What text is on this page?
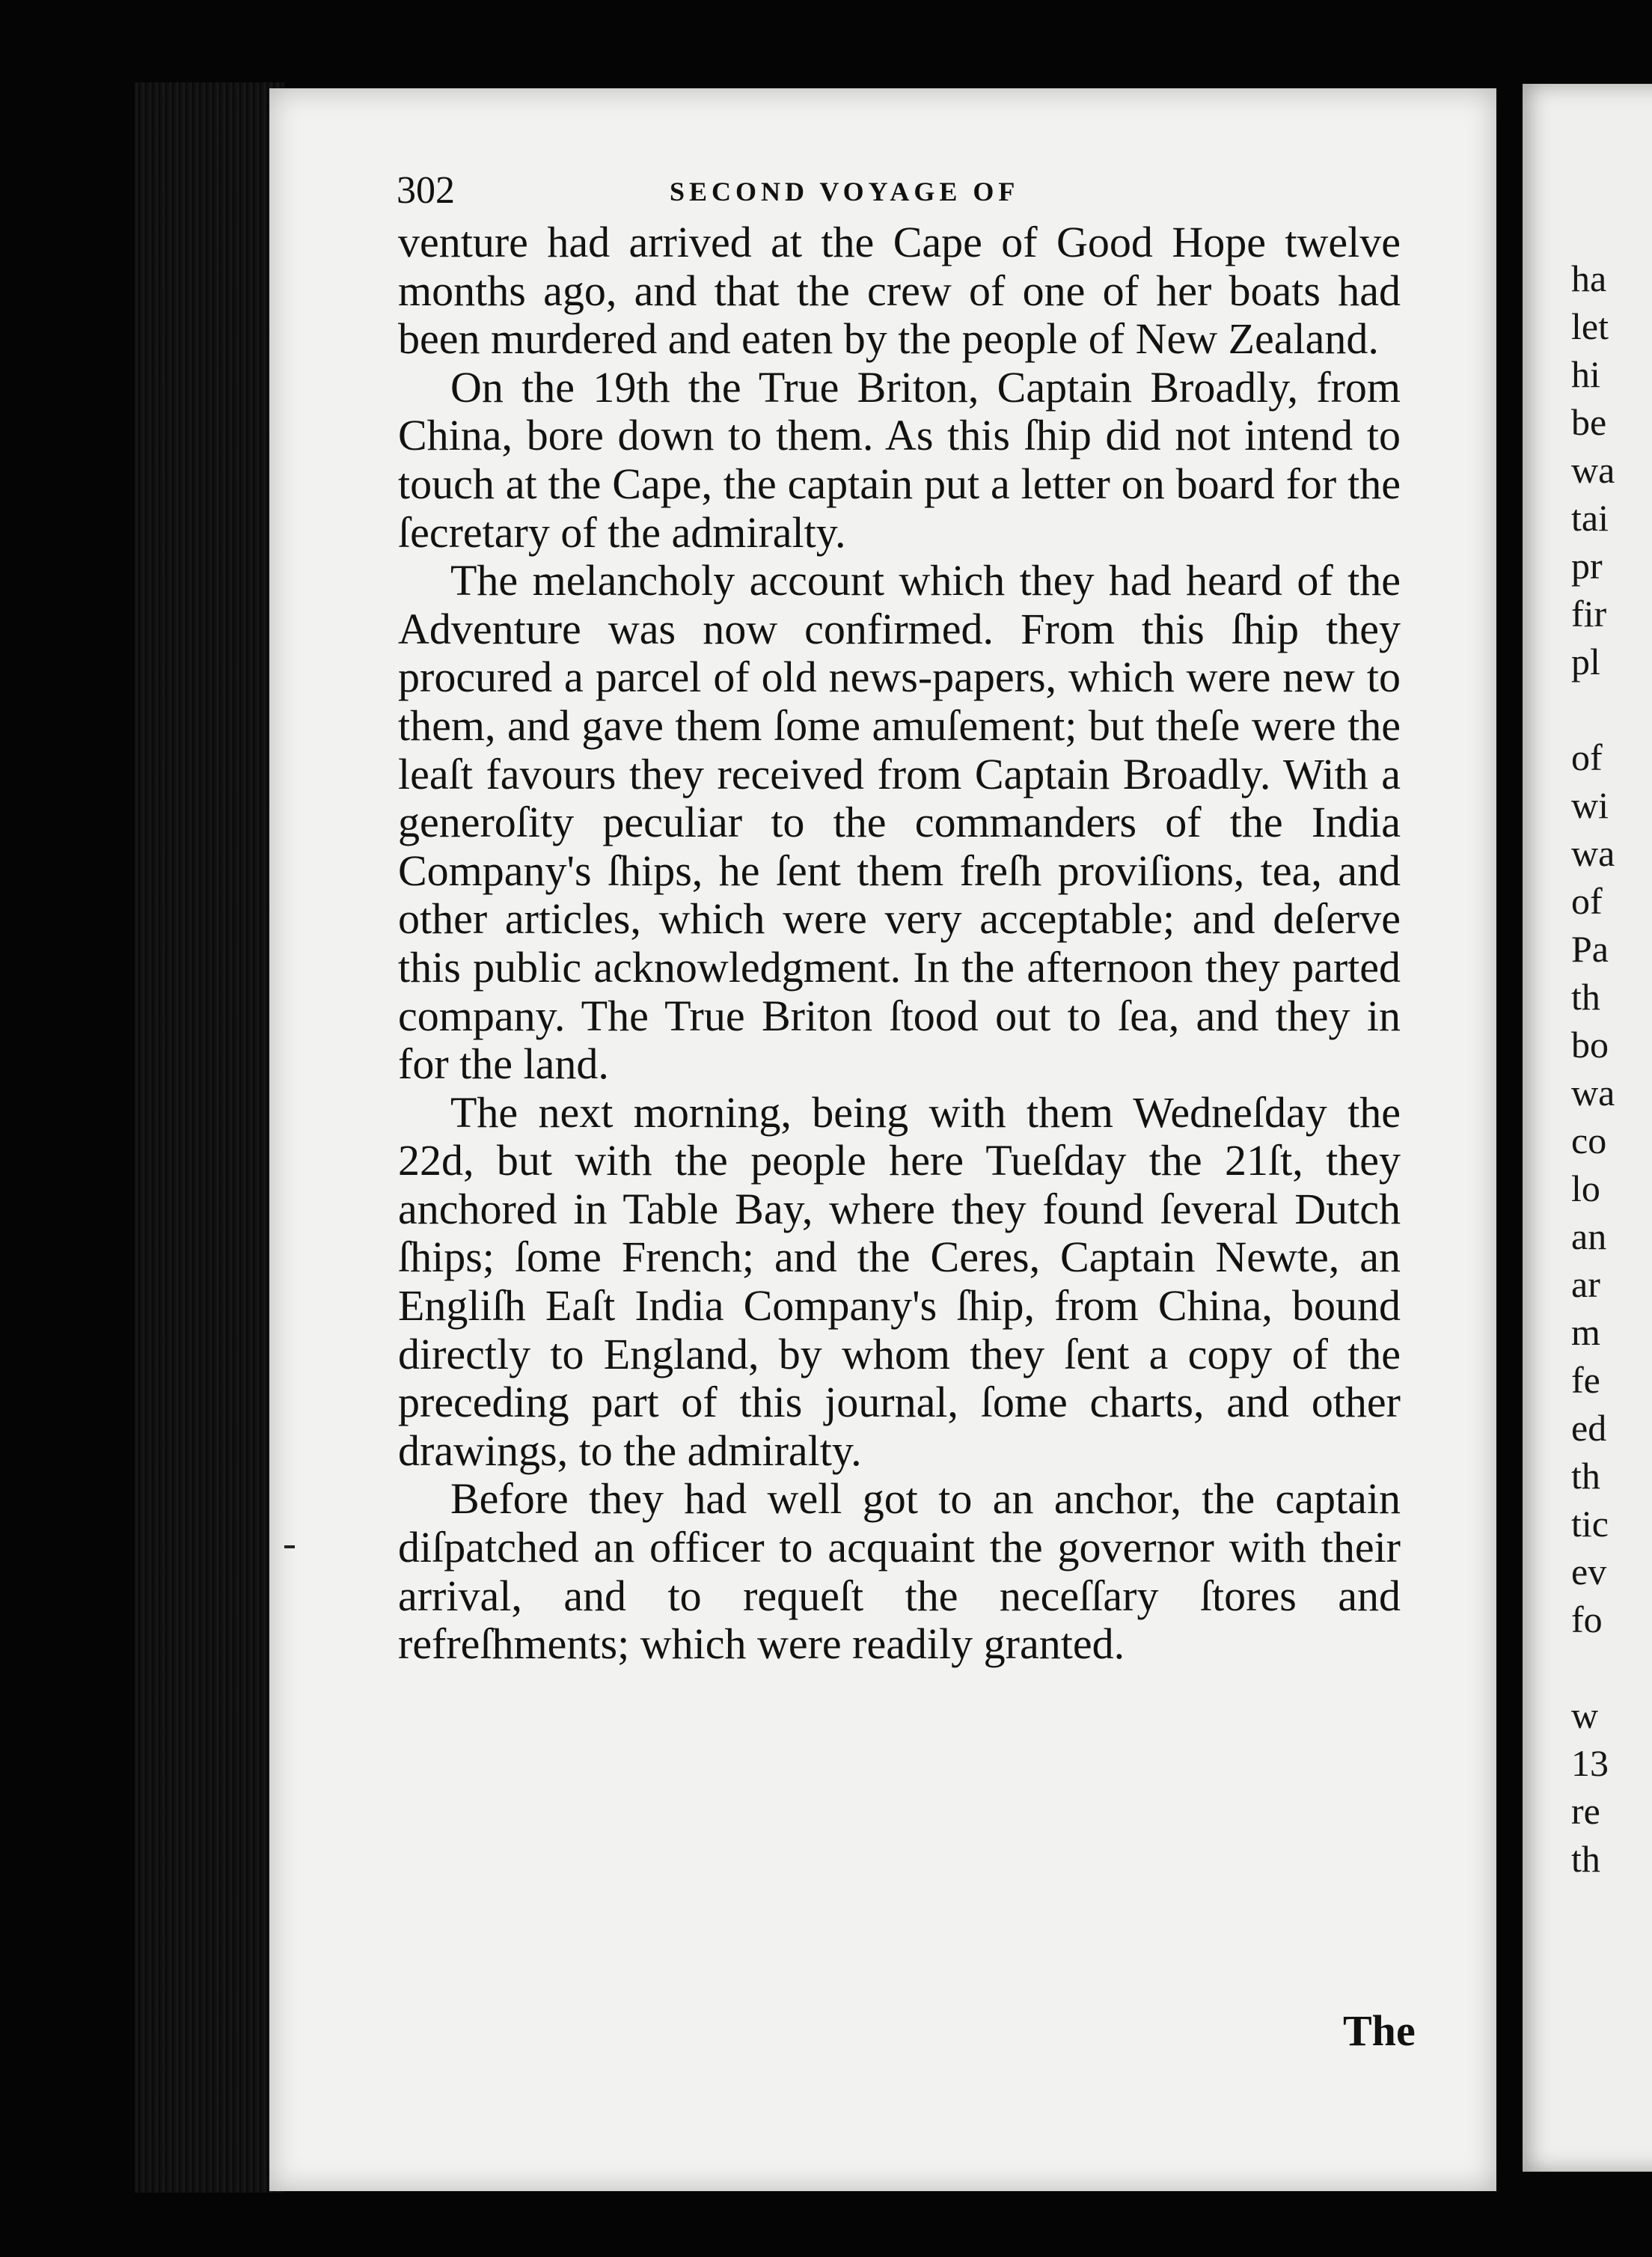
302	SECOND VOYAGE OF

venture had arrived at the Cape of Good Hope twelve months ago, and that the crew of one of her boats had been murdered and eaten by the people of New Zealand.

On the 19th the True Briton, Captain Broadly, from China, bore down to them. As this ſhip did not intend to touch at the Cape, the captain put a letter on board for the ſecretary of the admiralty.

The melancholy account which they had heard of the Adventure was now confirmed. From this ſhip they procured a parcel of old news-papers, which were new to them, and gave them ſome amuſement; but theſe were the leaſt favours they received from Captain Broadly. With a generoſity peculiar to the commanders of the India Company's ſhips, he ſent them freſh proviſions, tea, and other articles, which were very acceptable; and deſerve this public acknowledgment. In the afternoon they parted company. The True Briton ſtood out to ſea, and they in for the land.

The next morning, being with them Wedneſday the 22d, but with the people here Tueſday the 21ſt, they anchored in Table Bay, where they found ſeveral Dutch ſhips; ſome French; and the Ceres, Captain Newte, an Engliſh Eaſt India Company's ſhip, from China, bound directly to England, by whom they ſent a copy of the preceding part of this journal, ſome charts, and other drawings, to the admiralty.

Before they had well got to an anchor, the captain diſpatched an officer to acquaint the governor with their arrival, and to requeſt the neceſſary ſtores and refreſhments; which were readily granted.

The
ha
let
hi
be
wa
tai
pr
fir
pl
of
wi
wa
of
Pa
th
bo
wa
co
lo
an
ar
m
fe
ed
th
tic
ev
fo
w
13
re
th
